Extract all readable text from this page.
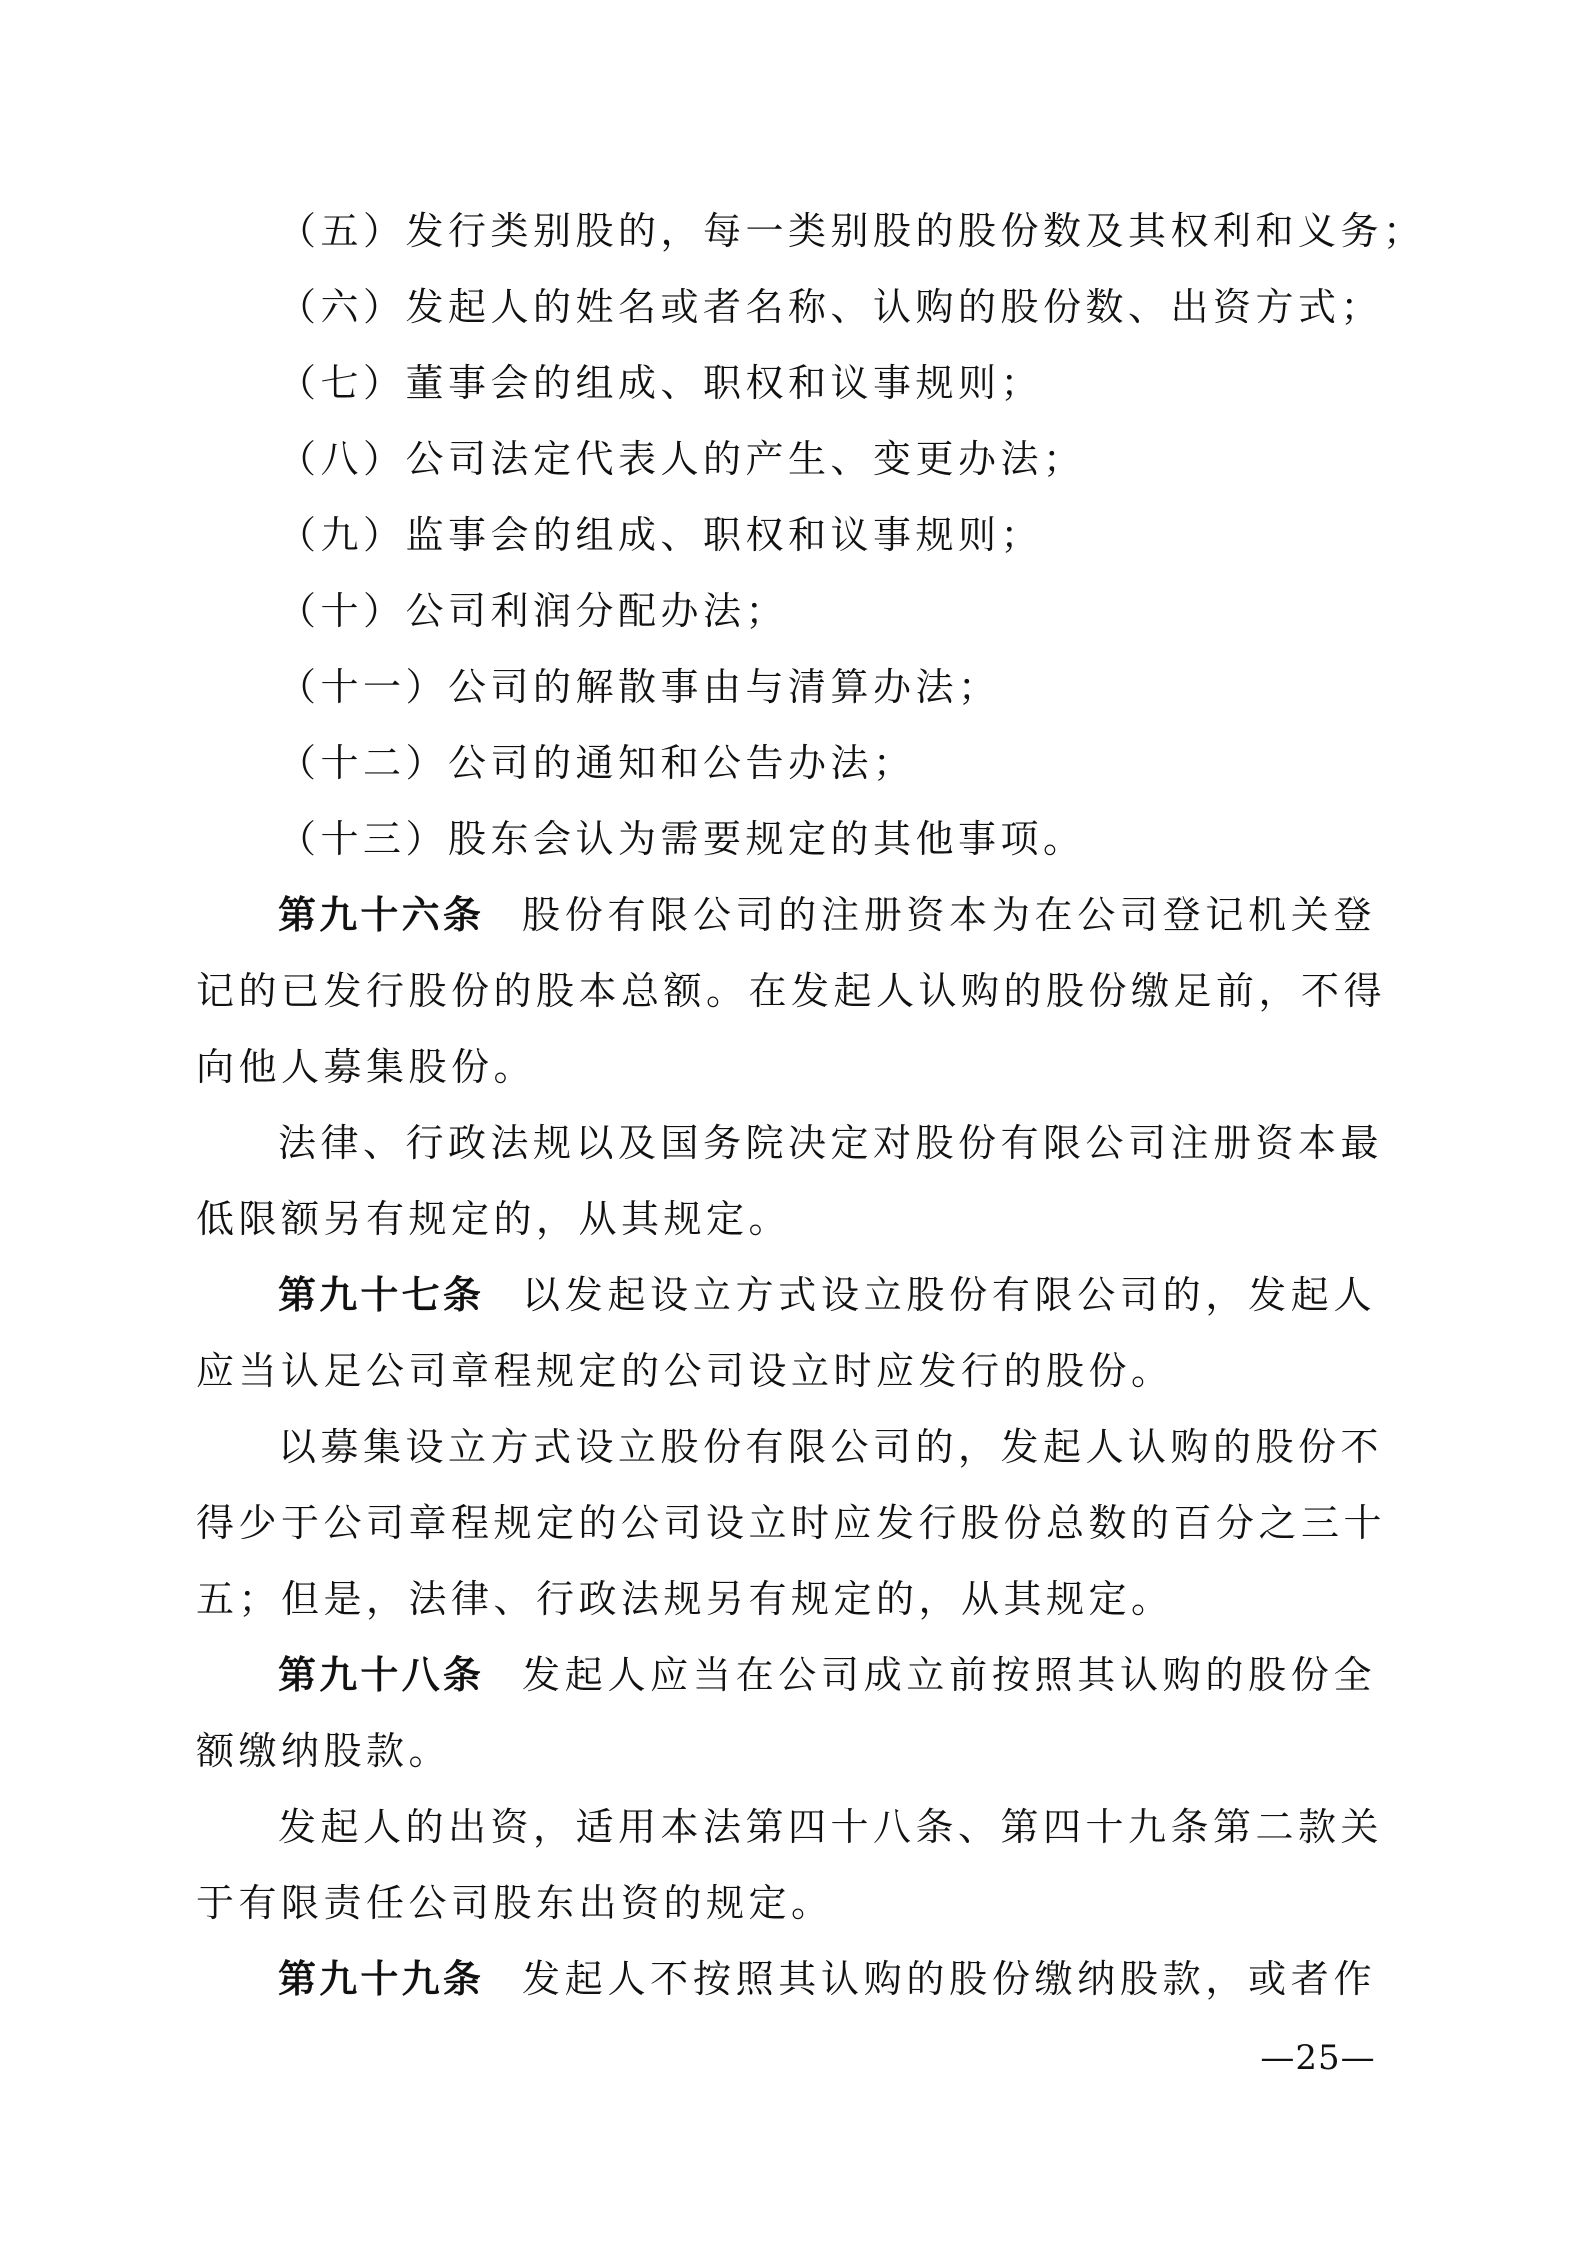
（五）发行类别股的，每一类别股的股份数及其权利和义务；
（六）发起人的姓名或者名称、认购的股份数、出资方式；
（七）董事会的组成、职权和议事规则；
（八）公司法定代表人的产生、变更办法；
（九）监事会的组成、职权和议事规则；
（十）公司利润分配办法；
（十一）公司的解散事由与清算办法；
（十二）公司的通知和公告办法；
（十三）股东会认为需要规定的其他事项。
第九十六条 股份有限公司的注册资本为在公司登记机关登
记的已发行股份的股本总额。在发起人认购的股份缴足前，不得
向他人募集股份。
法律、行政法规以及国务院决定对股份有限公司注册资本最
低限额另有规定的，从其规定。
第九十七条 以发起设立方式设立股份有限公司的，发起人
应当认足公司章程规定的公司设立时应发行的股份。
以募集设立方式设立股份有限公司的，发起人认购的股份不
得少于公司章程规定的公司设立时应发行股份总数的百分之三十
五；但是，法律、行政法规另有规定的，从其规定。
第九十八条 发起人应当在公司成立前按照其认购的股份全
额缴纳股款。
发起人的出资，适用本法第四十八条、第四十九条第二款关
于有限责任公司股东出资的规定。
第九十九条 发起人不按照其认购的股份缴纳股款，或者作
—25—
